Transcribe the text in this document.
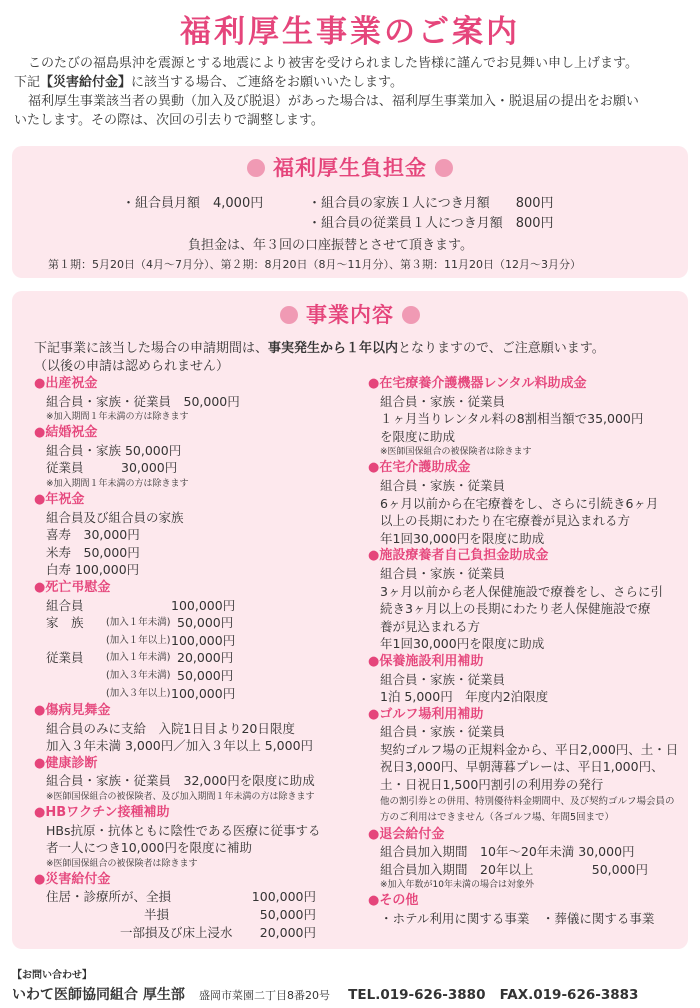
福利厚生事業のご案内

このたびの福島県沖を震源とする地震により被害を受けられました皆様に謹んでお見舞い申し上げます。

下記【災害給付金】に該当する場合、ご連絡をお願いいたします。

福利厚生事業該当者の異動（加入及び脱退）があった場合は、福利厚生事業加入・脱退届の提出をお願い

いたします。その際は、次回の引去りで調整します。

福利厚生負担金
・組合員月額　4,000円	・組合員の家族１人につき月額　　800円
・組合員の従業員１人につき月額　800円
負担金は、年３回の口座振替とさせて頂きます。
第１期：5月20日（4月〜7月分）、第２期：8月20日（8月〜11月分）、第３期：11月20日（12月〜3月分）
事業内容
下記事業に該当した場合の申請期間は、事実発生から１年以内となりますので、ご注意願います。
（以後の申請は認められません）
●出産祝金
組合員・家族・従業員　50,000円
※加入期間１年未満の方は除きます
●結婚祝金
組合員・家族 50,000円
従業員　　　30,000円
※加入期間１年未満の方は除きます
●年祝金
組合員及び組合員の家族
喜寿　30,000円
米寿　50,000円
白寿 100,000円
●死亡弔慰金
組合員	100,000円
家　族	(加入１年未満) 50,000円
(加入１年以上) 100,000円
従業員	(加入１年未満) 20,000円
(加入３年未満) 50,000円
(加入３年以上) 100,000円
●傷病見舞金
組合員のみに支給　入院1日目より20日限度
加入３年未満 3,000円／加入３年以上 5,000円
●健康診断
組合員・家族・従業員　32,000円を限度に助成
※医師国保組合の被保険者、及び加入期間１年未満の方は除きます
●HBワクチン接種補助
HBs抗原・抗体ともに陰性である医療に従事する
者一人につき10,000円を限度に補助
※医師国保組合の被保険者は除きます
●災害給付金
住居・診療所が、全損	100,000円
半損	50,000円
一部損及び床上浸水	20,000円
●在宅療養介護機器レンタル料助成金
組合員・家族・従業員
１ヶ月当りレンタル料の8割相当額で35,000円
を限度に助成
※医師国保組合の被保険者は除きます
●在宅介護助成金
組合員・家族・従業員
6ヶ月以前から在宅療養をし、さらに引続き6ヶ月
以上の長期にわたり在宅療養が見込まれる方
年1回30,000円を限度に助成
●施設療養者自己負担金助成金
組合員・家族・従業員
3ヶ月以前から老人保健施設で療養をし、さらに引
続き3ヶ月以上の長期にわたり老人保健施設で療
養が見込まれる方
年1回30,000円を限度に助成
●保養施設利用補助
組合員・家族・従業員
1泊 5,000円　年度内2泊限度
●ゴルフ場利用補助
組合員・家族・従業員
契約ゴルフ場の正規料金から、平日2,000円、土・日
祝日3,000円、早朝薄暮プレーは、平日1,000円、
土・日祝日1,500円割引の利用券の発行
他の割引券との併用、特別優待料金期間中、及び契約ゴルフ場会員の
方のご利用はできません（各ゴルフ場、年間5回まで）
●退会給付金
組合員加入期間　10年〜20年未満 30,000円
組合員加入期間　20年以上	50,000円
※加入年数が10年未満の場合は対象外
●その他
・ホテル利用に関する事業　・葬儀に関する事業
【お問い合わせ】
いわて医師協同組合 厚生部 盛岡市菜園二丁目8番20号 TEL.019-626-3880 FAX.019-626-3883
